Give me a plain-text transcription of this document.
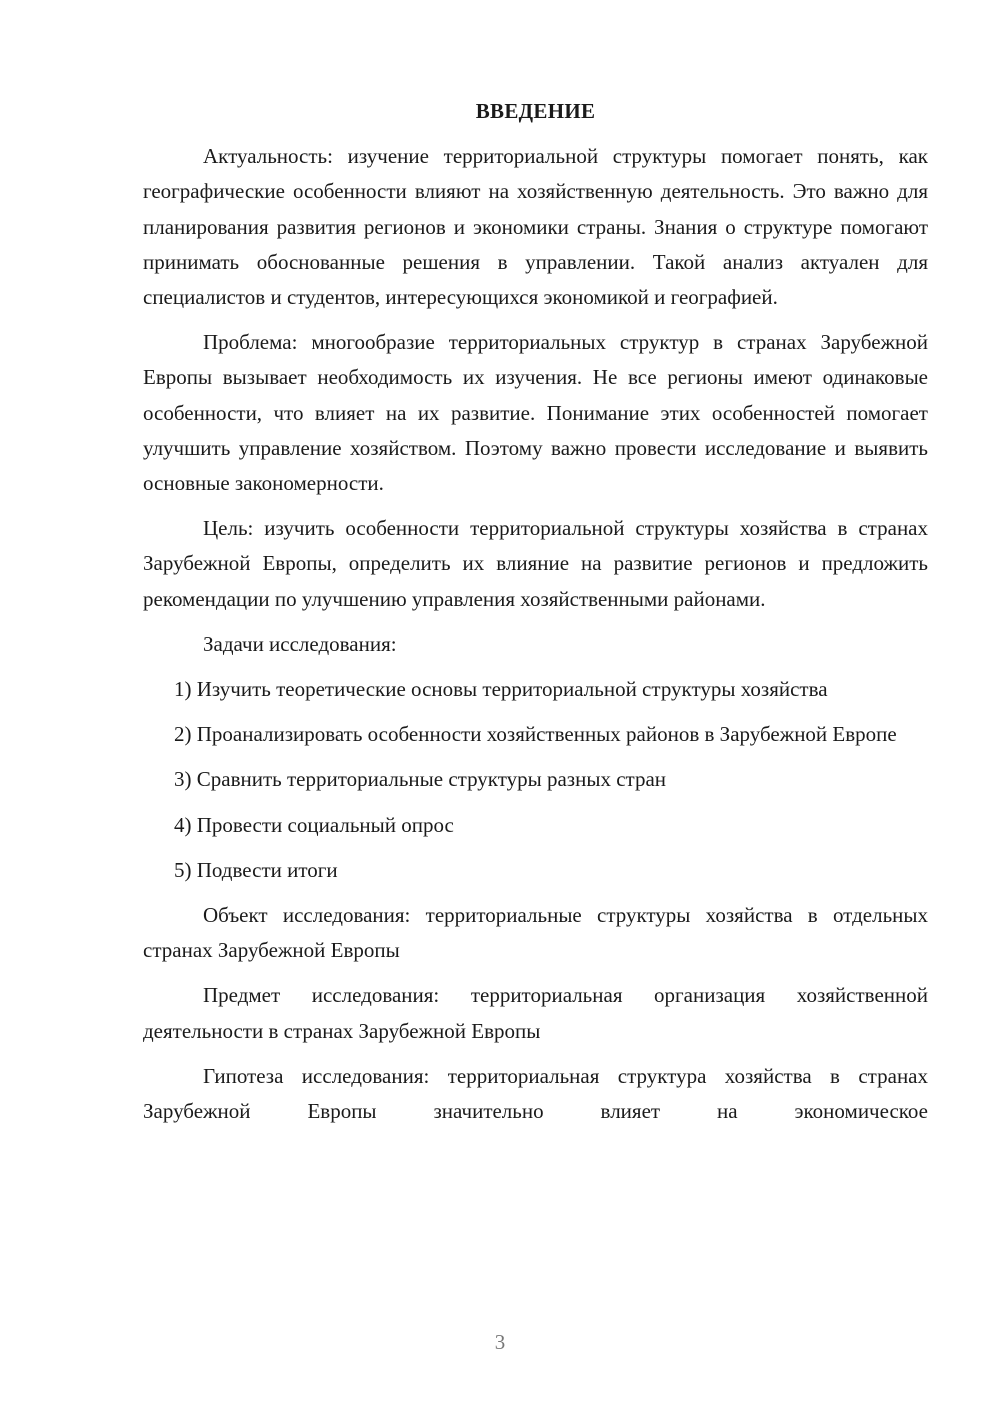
ВВЕДЕНИЕ

Актуальность: изучение территориальной структуры помогает понять, как географические особенности влияют на хозяйственную деятельность. Это важно для планирования развития регионов и экономики страны. Знания о структуре помогают принимать обоснованные решения в управлении. Такой анализ актуален для специалистов и студентов, интересующихся экономикой и географией.

Проблема: многообразие территориальных структур в странах Зарубежной Европы вызывает необходимость их изучения. Не все регионы имеют одинаковые особенности, что влияет на их развитие. Понимание этих особенностей помогает улучшить управление хозяйством. Поэтому важно провести исследование и выявить основные закономерности.

Цель: изучить особенности территориальной структуры хозяйства в странах Зарубежной Европы, определить их влияние на развитие регионов и предложить рекомендации по улучшению управления хозяйственными районами.

Задачи исследования:

1) Изучить теоретические основы территориальной структуры хозяйства

2) Проанализировать особенности хозяйственных районов в Зарубежной Европе

3) Сравнить территориальные структуры разных стран

4) Провести социальный опрос

5) Подвести итоги

Объект исследования: территориальные структуры хозяйства в отдельных странах Зарубежной Европы

Предмет исследования: территориальная организация хозяйственной деятельности в странах Зарубежной Европы

Гипотеза исследования: территориальная структура хозяйства в странах Зарубежной Европы значительно влияет на экономическое

3
